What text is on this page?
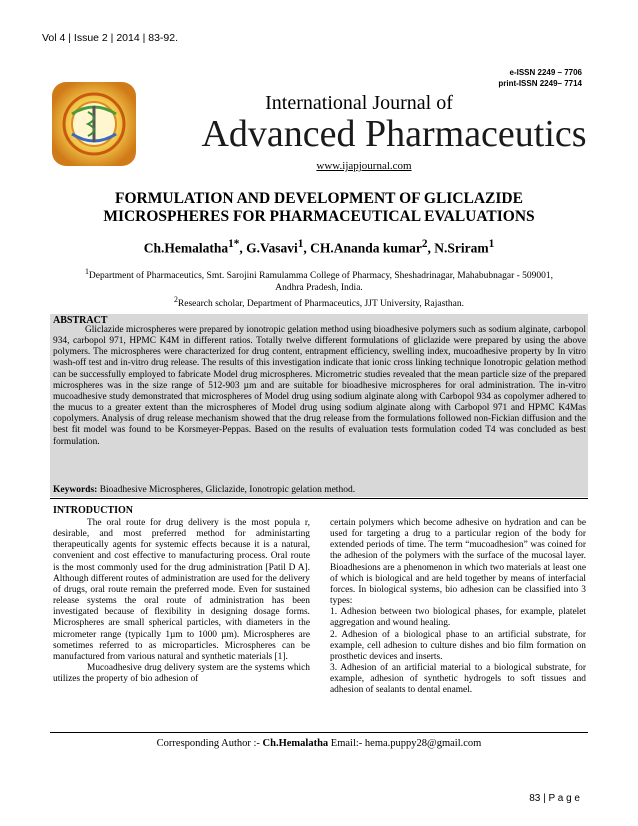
Vol 4 | Issue 2 | 2014 | 83-92.
e-ISSN 2249 – 7706
print-ISSN 2249– 7714
International Journal of
Advanced Pharmaceutics
www.ijapjournal.com
FORMULATION AND DEVELOPMENT OF GLICLAZIDE
MICROSPHERES FOR PHARMACEUTICAL EVALUATIONS
Ch.Hemalatha$^{1*}$, G.Vasavi$^1$, CH.Ananda kumar$^2$, N.Sriram$^1$
$^1$Department of Pharmaceutics, Smt. Sarojini Ramulamma College of Pharmacy, Sheshadrinagar, Mahabubnagar - 509001,
Andhra Pradesh, India.
$^2$Research scholar, Department of Pharmaceutics, JJT University, Rajasthan.
ABSTRACT

Gliclazide microspheres were prepared by ionotropic gelation method using bioadhesive polymers such as sodium alginate, carbopol 934, carbopol 971, HPMC K4M in different ratios. Totally twelve different formulations of gliclazide were prepared by using the above polymers. The microspheres were characterized for drug content, entrapment efficiency, swelling index, mucoadhesive property by In vitro wash-off test and in-vitro drug release. The results of this investigation indicate that ionic cross linking technique Ionotropic gelation method can be successfully employed to fabricate Model drug microspheres. Micrometric studies revealed that the mean particle size of the prepared microspheres was in the size range of 512-903 µm and are suitable for bioadhesive microspheres for oral administration. The in-vitro mucoadhesive study demonstrated that microspheres of Model drug using sodium alginate along with Carbopol 934 as copolymer adhered to the mucus to a greater extent than the microspheres of Model drug using sodium alginate along with Carbopol 971 and HPMC K4Mas copolymers. Analysis of drug release mechanism showed that the drug release from the formulations followed non-Fickian diffusion and the best fit model was found to be Korsmeyer-Peppas. Based on the results of evaluation tests formulation coded T4 was concluded as best formulation.

Keywords: Bioadhesive Microspheres, Gliclazide, Ionotropic gelation method.
INTRODUCTION

The oral route for drug delivery is the most popula r, desirable, and most preferred method for administarting therapeutically agents for systemic effects because it is a natural, convenient and cost effective to manufacturing process. Oral route is the most commonly used for the drug administration [Patil D A]. Although different routes of administration are used for the delivery of drugs, oral route remain the preferred mode. Even for sustained release systems the oral route of administration has been investigated because of flexibility in designing dosage forms. Microspheres are small spherical particles, with diameters in the micrometer range (typically 1µm to 1000 µm). Microspheres are sometimes referred to as microparticles. Microspheres can be manufactured from various natural and synthetic materials [1].

Mucoadhesive drug delivery system are the systems which utilizes the property of bio adhesion of

certain polymers which become adhesive on hydration and can be used for targeting a drug to a particular region of the body for extended periods of time. The term “mucoadhesion” was coined for the adhesion of the polymers with the surface of the mucosal layer. Bioadhesions are a phenomenon in which two materials at least one of which is biological and are held together by means of interfacial forces. In biological systems, bio adhesion can be classified into 3 types:

1. Adhesion between two biological phases, for example, platelet aggregation and wound healing.

2. Adhesion of a biological phase to an artificial substrate, for example, cell adhesion to culture dishes and bio film formation on prosthetic devices and inserts.

3. Adhesion of an artificial material to a biological substrate, for example, adhesion of synthetic hydrogels to soft tissues and adhesion of sealants to dental enamel.

Corresponding Author :- Ch.Hemalatha Email:- hema.puppy28@gmail.com
83 | P a g e
